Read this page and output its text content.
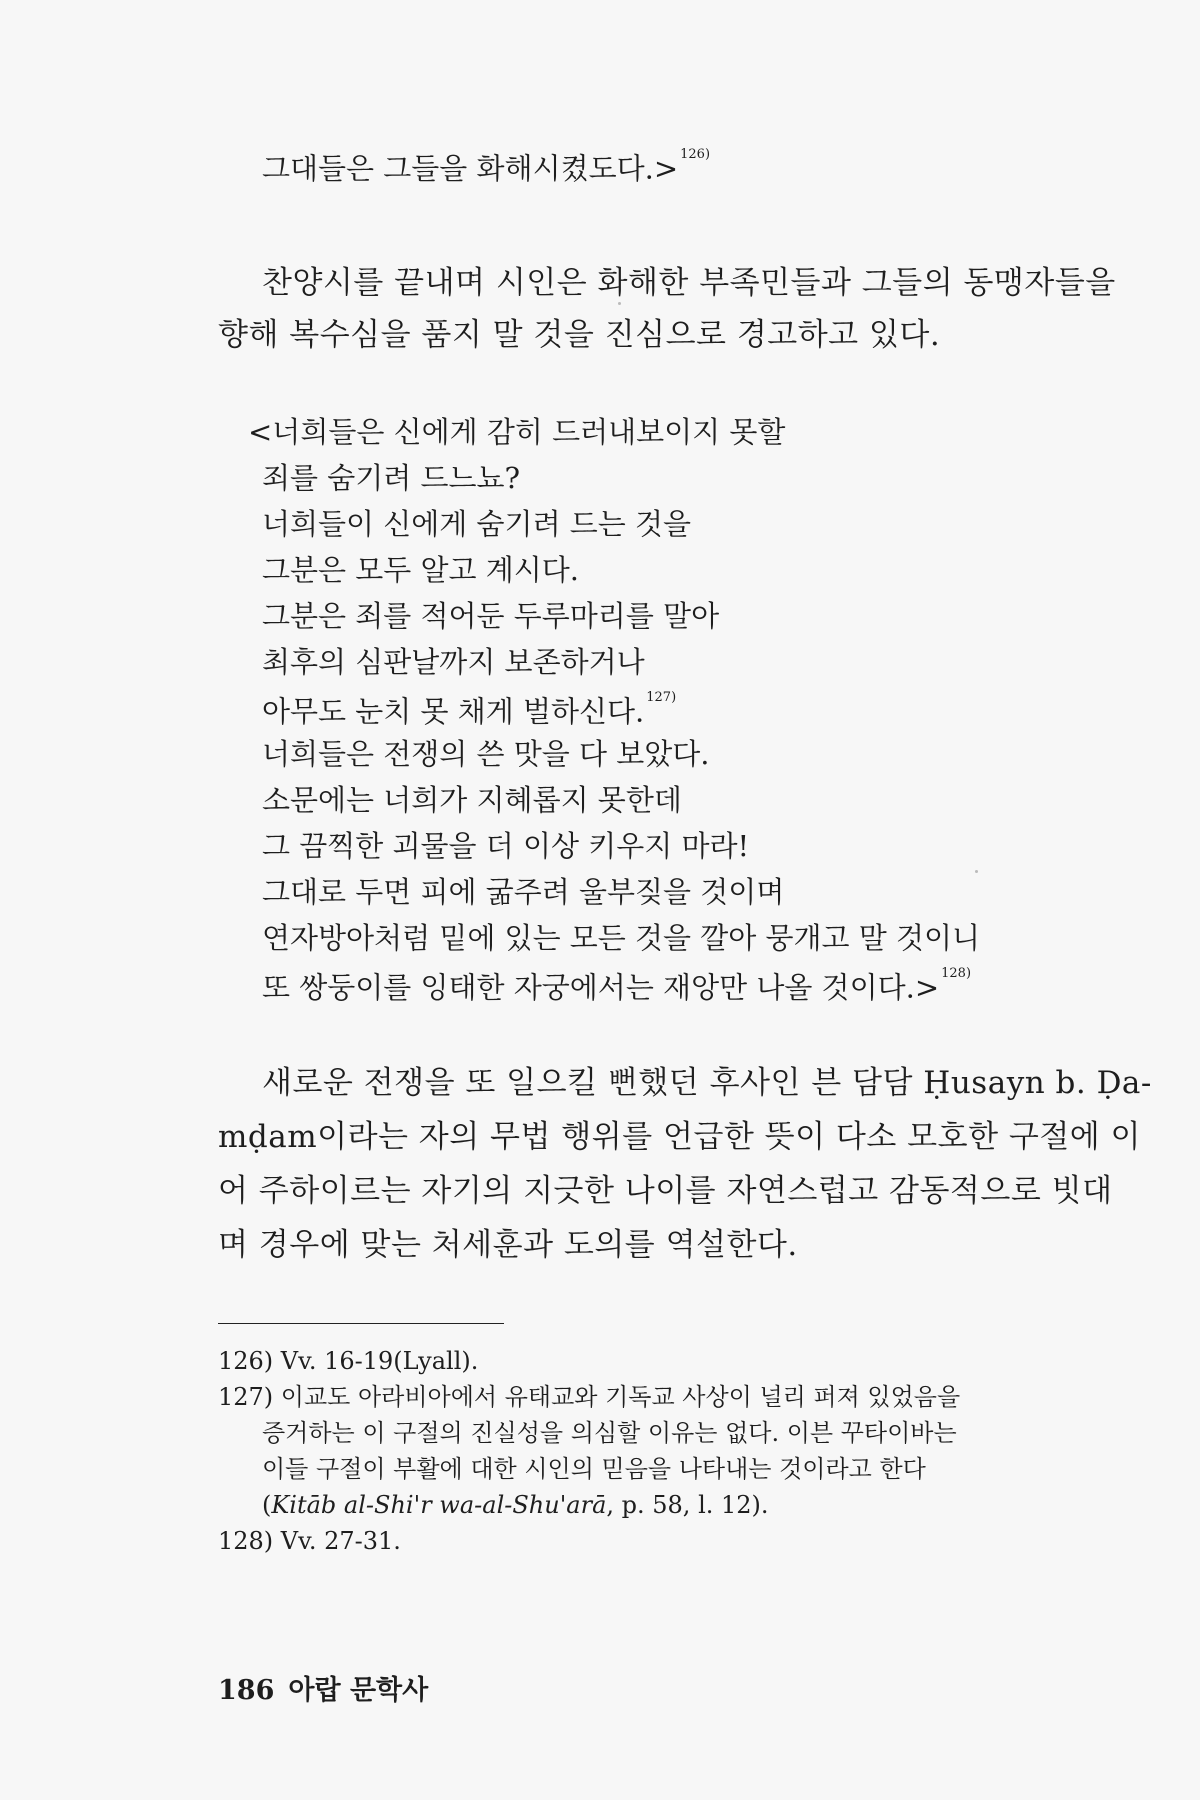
그대들은 그들을 화해시켰도다.> $^{126)}$
찬양시를 끝내며 시인은 화해한 부족민들과 그들의 동맹자들을
향해 복수심을 품지 말 것을 진심으로 경고하고 있다.
<너희들은 신에게 감히 드러내보이지 못할
죄를 숨기려 드느뇨?
너희들이 신에게 숨기려 드는 것을
그분은 모두 알고 계시다.
그분은 죄를 적어둔 두루마리를 말아
최후의 심판날까지 보존하거나
아무도 눈치 못 채게 벌하신다. $^{127)}$
너희들은 전쟁의 쓴 맛을 다 보았다.
소문에는 너희가 지혜롭지 못한데
그 끔찍한 괴물을 더 이상 키우지 마라!
그대로 두면 피에 굶주려 울부짖을 것이며
연자방아처럼 밑에 있는 모든 것을 깔아 뭉개고 말 것이니
또 쌍둥이를 잉태한 자궁에서는 재앙만 나올 것이다.> $^{128)}$
새로운 전쟁을 또 일으킬 뻔했던 후사인 븐 담담 Ḥusayn b. Ḍa-
mḍam이라는 자의 무법 행위를 언급한 뜻이 다소 모호한 구절에 이
어 주하이르는 자기의 지긋한 나이를 자연스럽고 감동적으로 빗대
며 경우에 맞는 처세훈과 도의를 역설한다.
126) Vv. 16-19(Lyall).
127) 이교도 아라비아에서 유태교와 기독교 사상이 널리 퍼져 있었음을
증거하는 이 구절의 진실성을 의심할 이유는 없다. 이븐 꾸타이바는
이들 구절이 부활에 대한 시인의 믿음을 나타내는 것이라고 한다
(Kitāb al-Shi'r wa-al-Shu'arā, p. 58, l. 12).
128) Vv. 27-31.
186 아랍 문학사
